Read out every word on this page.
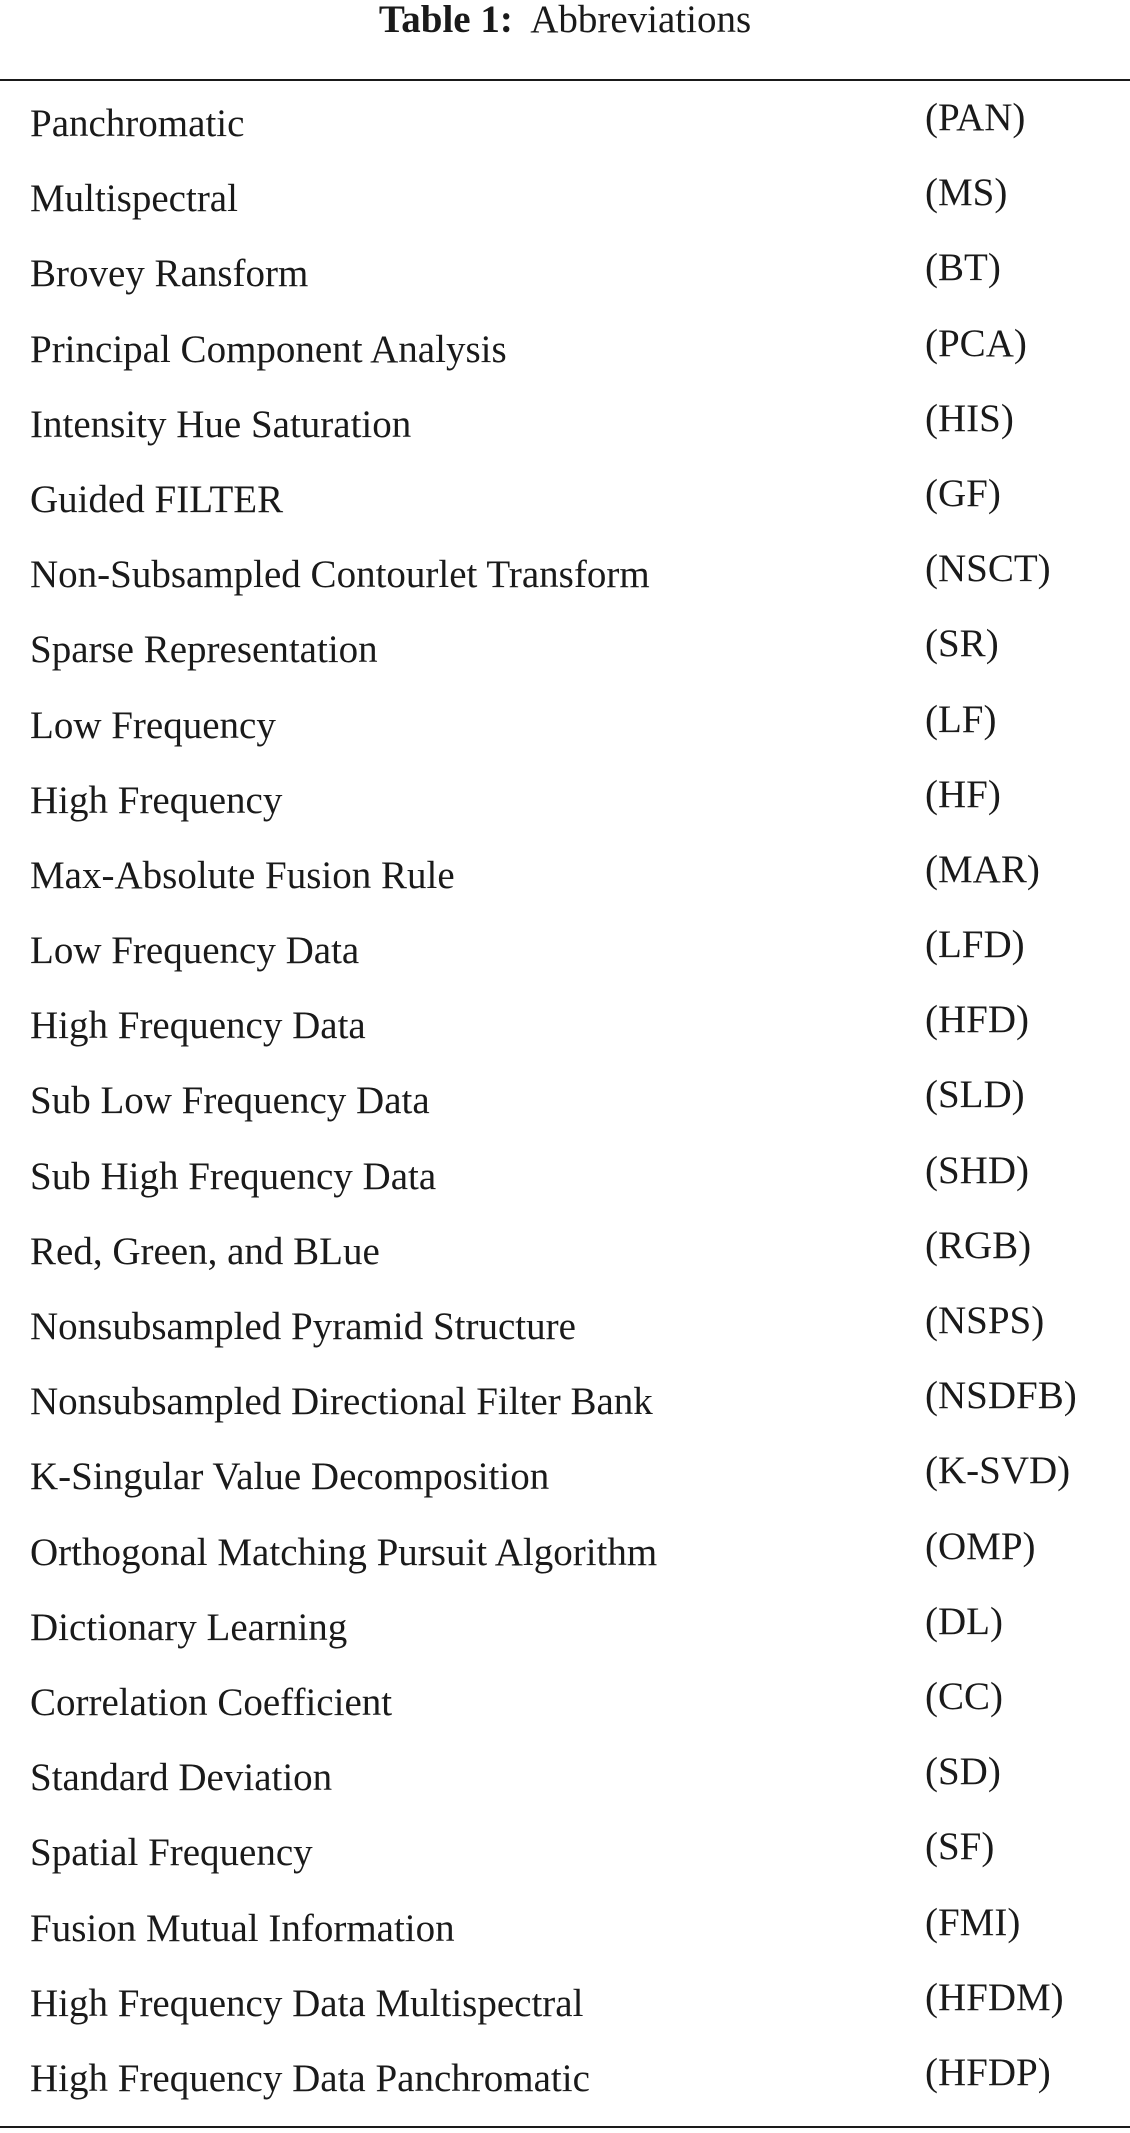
Table 1: Abbreviations
Panchromatic	(PAN)
Multispectral	(MS)
Brovey Ransform	(BT)
Principal Component Analysis	(PCA)
Intensity Hue Saturation	(HIS)
Guided FILTER	(GF)
Non-Subsampled Contourlet Transform	(NSCT)
Sparse Representation	(SR)
Low Frequency	(LF)
High Frequency	(HF)
Max-Absolute Fusion Rule	(MAR)
Low Frequency Data	(LFD)
High Frequency Data	(HFD)
Sub Low Frequency Data	(SLD)
Sub High Frequency Data	(SHD)
Red, Green, and BLue	(RGB)
Nonsubsampled Pyramid Structure	(NSPS)
Nonsubsampled Directional Filter Bank	(NSDFB)
K-Singular Value Decomposition	(K-SVD)
Orthogonal Matching Pursuit Algorithm	(OMP)
Dictionary Learning	(DL)
Correlation Coefficient	(CC)
Standard Deviation	(SD)
Spatial Frequency	(SF)
Fusion Mutual Information	(FMI)
High Frequency Data Multispectral	(HFDM)
High Frequency Data Panchromatic	(HFDP)
